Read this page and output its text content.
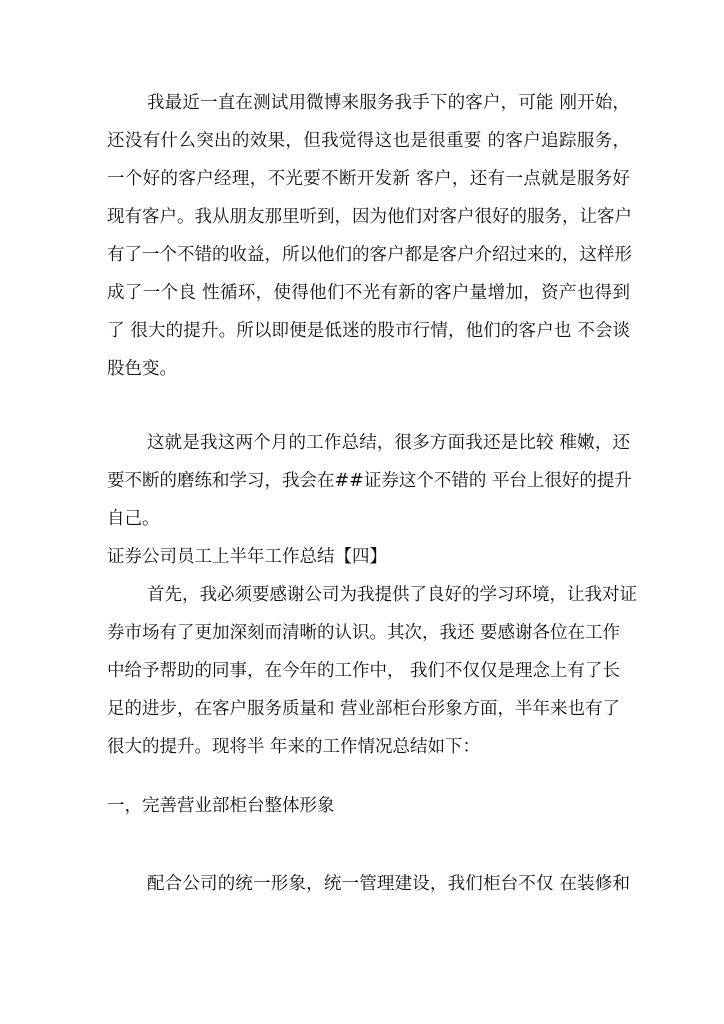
我最近一直在测试用微博来服务我手下的客户，可能 刚开始，
还没有什么突出的效果，但我觉得这也是很重要 的客户追踪服务，
一个好的客户经理，不光要不断开发新 客户，还有一点就是服务好
现有客户。我从朋友那里听到，因为他们对客户很好的服务，让客户
有了一个不错的收益，所以他们的客户都是客户介绍过来的，这样形
成了一个良 性循环，使得他们不光有新的客户量增加，资产也得到
了 很大的提升。所以即便是低迷的股市行情，他们的客户也 不会谈
股色变。
这就是我这两个月的工作总结，很多方面我还是比较 稚嫩，还
要不断的磨练和学习，我会在##证券这个不错的 平台上很好的提升
自己。
证券公司员工上半年工作总结【四】
首先，我必须要感谢公司为我提供了良好的学习环境，让我对证
券市场有了更加深刻而清晰的认识。其次，我还 要感谢各位在工作
中给予帮助的同事，在今年的工作中， 我们不仅仅是理念上有了长
足的进步，在客户服务质量和 营业部柜台形象方面，半年来也有了
很大的提升。现将半 年来的工作情况总结如下：
一，完善营业部柜台整体形象
配合公司的统一形象，统一管理建设，我们柜台不仅 在装修和
